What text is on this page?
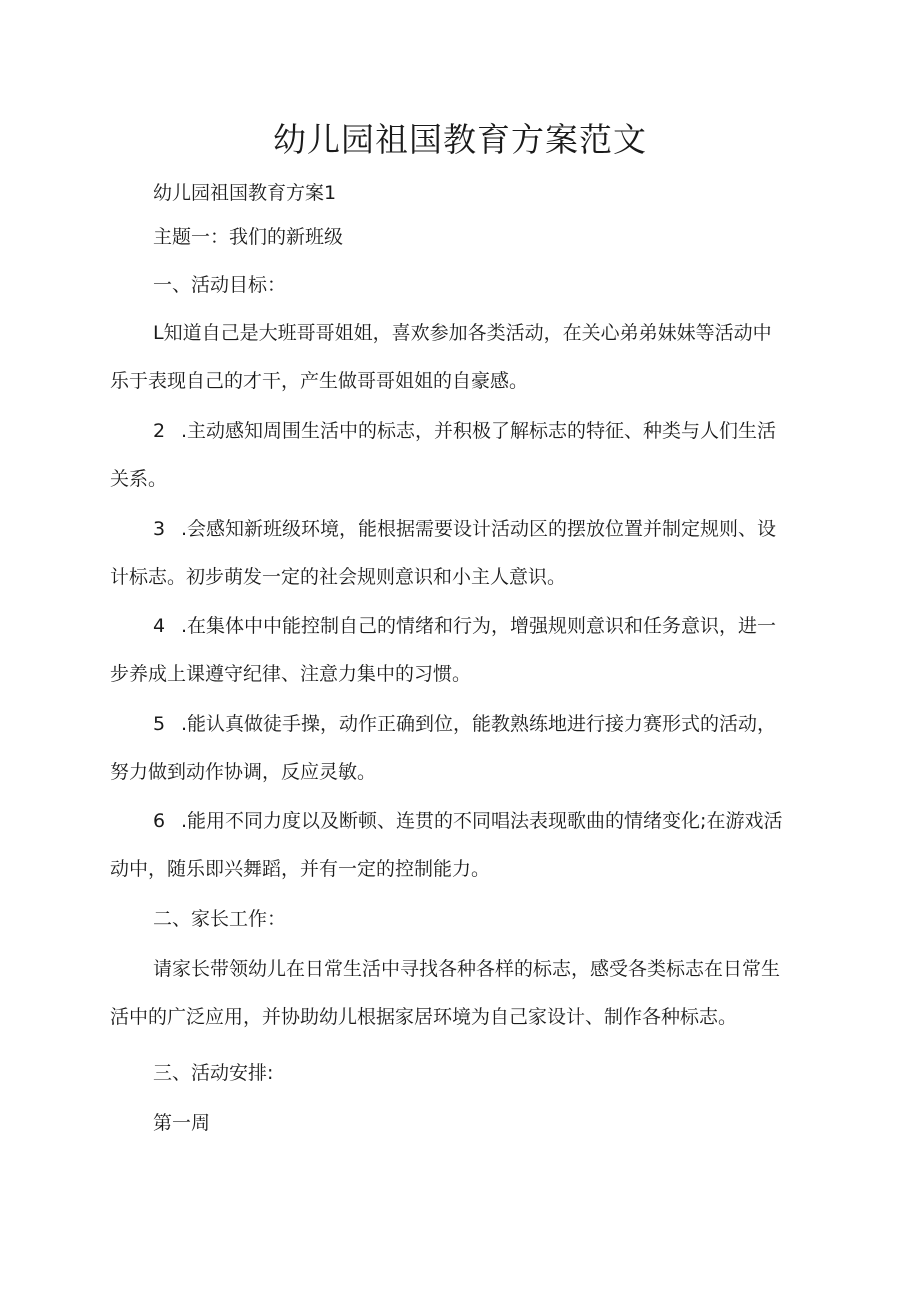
幼儿园祖国教育方案范文
幼儿园祖国教育方案1
主题一：我们的新班级
一、活动目标：
L知道自己是大班哥哥姐姐，喜欢参加各类活动，在关心弟弟妹妹等活动中
乐于表现自己的才干，产生做哥哥姐姐的自豪感。
2 .主动感知周围生活中的标志，并积极了解标志的特征、种类与人们生活
关系。
3 .会感知新班级环境，能根据需要设计活动区的摆放位置并制定规则、设
计标志。初步萌发一定的社会规则意识和小主人意识。
4 .在集体中中能控制自己的情绪和行为，增强规则意识和任务意识，进一
步养成上课遵守纪律、注意力集中的习惯。
5 .能认真做徒手操，动作正确到位，能教熟练地进行接力赛形式的活动，
努力做到动作协调，反应灵敏。
6 .能用不同力度以及断顿、连贯的不同唱法表现歌曲的情绪变化;在游戏活
动中，随乐即兴舞蹈，并有一定的控制能力。
二、家长工作：
请家长带领幼儿在日常生活中寻找各种各样的标志，感受各类标志在日常生
活中的广泛应用，并协助幼儿根据家居环境为自己家设计、制作各种标志。
三、活动安排:
第一周
